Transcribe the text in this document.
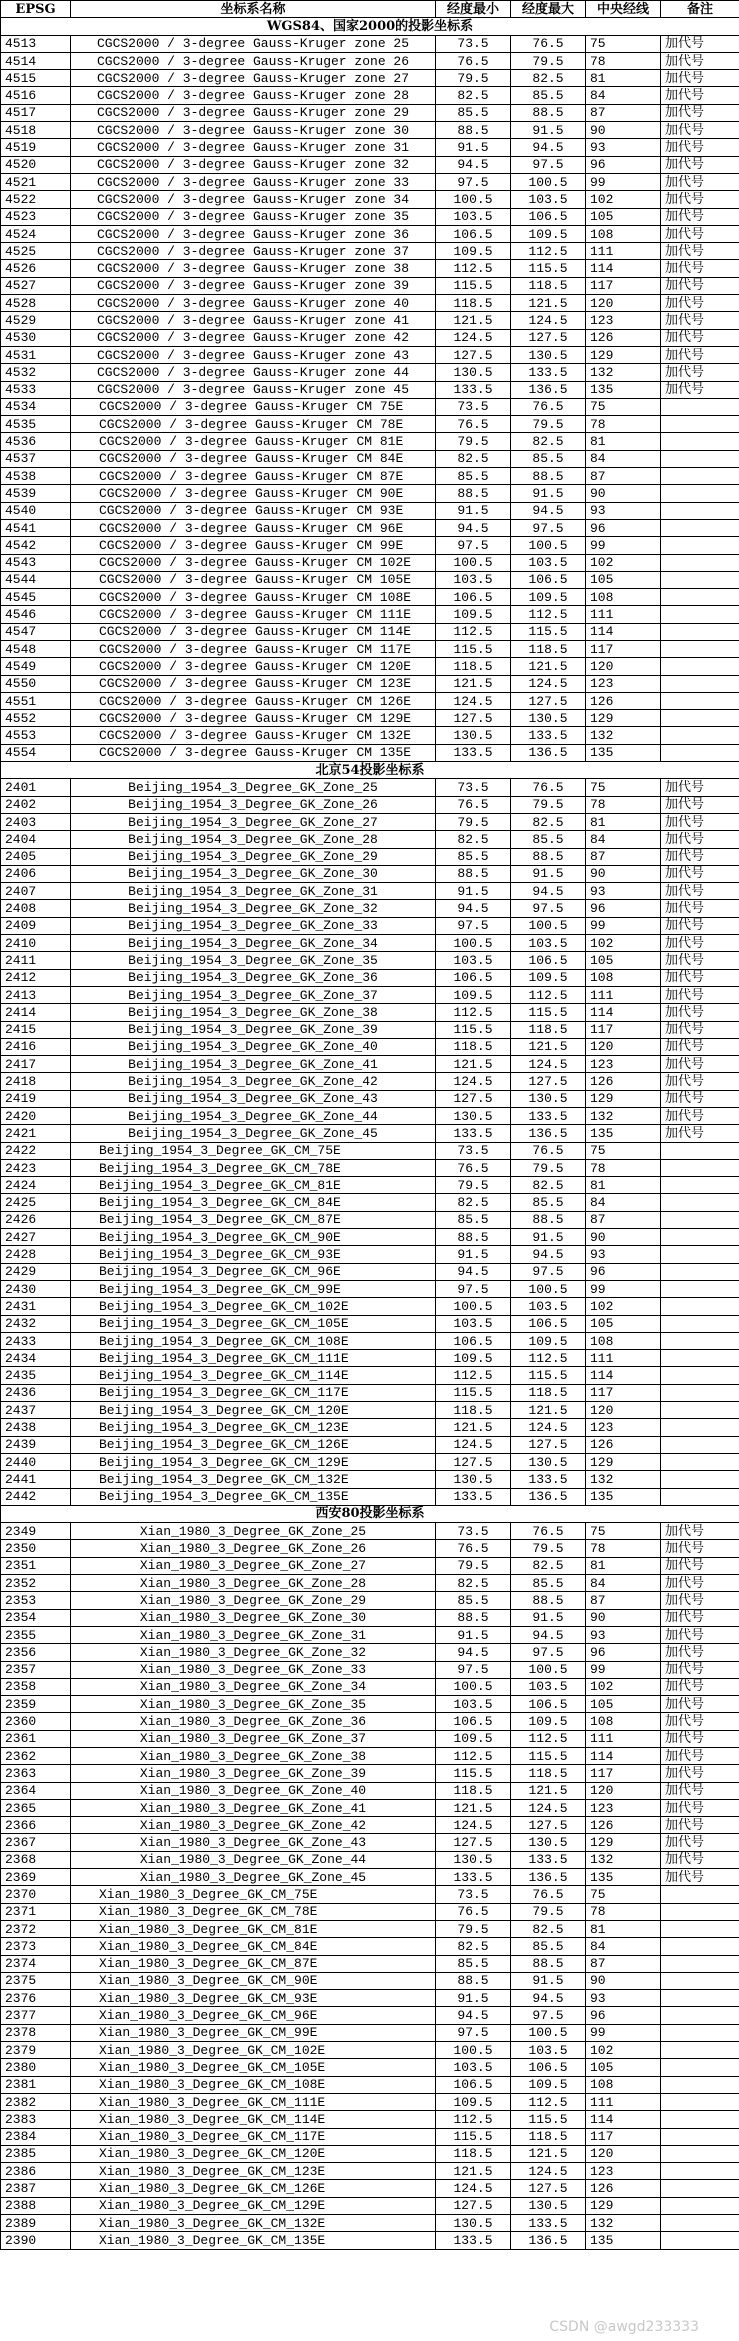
EPSG	坐标系名称	经度最小	经度最大	中央经线	备注
WGS84、国家2000的投影坐标系					
4513	CGCS2000 / 3-degree Gauss-Kruger zone 25	73.5	76.5	75	加代号
4514	CGCS2000 / 3-degree Gauss-Kruger zone 26	76.5	79.5	78	加代号
4515	CGCS2000 / 3-degree Gauss-Kruger zone 27	79.5	82.5	81	加代号
4516	CGCS2000 / 3-degree Gauss-Kruger zone 28	82.5	85.5	84	加代号
4517	CGCS2000 / 3-degree Gauss-Kruger zone 29	85.5	88.5	87	加代号
4518	CGCS2000 / 3-degree Gauss-Kruger zone 30	88.5	91.5	90	加代号
4519	CGCS2000 / 3-degree Gauss-Kruger zone 31	91.5	94.5	93	加代号
4520	CGCS2000 / 3-degree Gauss-Kruger zone 32	94.5	97.5	96	加代号
4521	CGCS2000 / 3-degree Gauss-Kruger zone 33	97.5	100.5	99	加代号
4522	CGCS2000 / 3-degree Gauss-Kruger zone 34	100.5	103.5	102	加代号
4523	CGCS2000 / 3-degree Gauss-Kruger zone 35	103.5	106.5	105	加代号
4524	CGCS2000 / 3-degree Gauss-Kruger zone 36	106.5	109.5	108	加代号
4525	CGCS2000 / 3-degree Gauss-Kruger zone 37	109.5	112.5	111	加代号
4526	CGCS2000 / 3-degree Gauss-Kruger zone 38	112.5	115.5	114	加代号
4527	CGCS2000 / 3-degree Gauss-Kruger zone 39	115.5	118.5	117	加代号
4528	CGCS2000 / 3-degree Gauss-Kruger zone 40	118.5	121.5	120	加代号
4529	CGCS2000 / 3-degree Gauss-Kruger zone 41	121.5	124.5	123	加代号
4530	CGCS2000 / 3-degree Gauss-Kruger zone 42	124.5	127.5	126	加代号
4531	CGCS2000 / 3-degree Gauss-Kruger zone 43	127.5	130.5	129	加代号
4532	CGCS2000 / 3-degree Gauss-Kruger zone 44	130.5	133.5	132	加代号
4533	CGCS2000 / 3-degree Gauss-Kruger zone 45	133.5	136.5	135	加代号
4534	CGCS2000 / 3-degree Gauss-Kruger CM 75E	73.5	76.5	75	
4535	CGCS2000 / 3-degree Gauss-Kruger CM 78E	76.5	79.5	78	
4536	CGCS2000 / 3-degree Gauss-Kruger CM 81E	79.5	82.5	81	
4537	CGCS2000 / 3-degree Gauss-Kruger CM 84E	82.5	85.5	84	
4538	CGCS2000 / 3-degree Gauss-Kruger CM 87E	85.5	88.5	87	
4539	CGCS2000 / 3-degree Gauss-Kruger CM 90E	88.5	91.5	90	
4540	CGCS2000 / 3-degree Gauss-Kruger CM 93E	91.5	94.5	93	
4541	CGCS2000 / 3-degree Gauss-Kruger CM 96E	94.5	97.5	96	
4542	CGCS2000 / 3-degree Gauss-Kruger CM 99E	97.5	100.5	99	
4543	CGCS2000 / 3-degree Gauss-Kruger CM 102E	100.5	103.5	102	
4544	CGCS2000 / 3-degree Gauss-Kruger CM 105E	103.5	106.5	105	
4545	CGCS2000 / 3-degree Gauss-Kruger CM 108E	106.5	109.5	108	
4546	CGCS2000 / 3-degree Gauss-Kruger CM 111E	109.5	112.5	111	
4547	CGCS2000 / 3-degree Gauss-Kruger CM 114E	112.5	115.5	114	
4548	CGCS2000 / 3-degree Gauss-Kruger CM 117E	115.5	118.5	117	
4549	CGCS2000 / 3-degree Gauss-Kruger CM 120E	118.5	121.5	120	
4550	CGCS2000 / 3-degree Gauss-Kruger CM 123E	121.5	124.5	123	
4551	CGCS2000 / 3-degree Gauss-Kruger CM 126E	124.5	127.5	126	
4552	CGCS2000 / 3-degree Gauss-Kruger CM 129E	127.5	130.5	129	
4553	CGCS2000 / 3-degree Gauss-Kruger CM 132E	130.5	133.5	132	
4554	CGCS2000 / 3-degree Gauss-Kruger CM 135E	133.5	136.5	135	
北京54投影坐标系					
2401	Beijing_1954_3_Degree_GK_Zone_25	73.5	76.5	75	加代号
2402	Beijing_1954_3_Degree_GK_Zone_26	76.5	79.5	78	加代号
2403	Beijing_1954_3_Degree_GK_Zone_27	79.5	82.5	81	加代号
2404	Beijing_1954_3_Degree_GK_Zone_28	82.5	85.5	84	加代号
2405	Beijing_1954_3_Degree_GK_Zone_29	85.5	88.5	87	加代号
2406	Beijing_1954_3_Degree_GK_Zone_30	88.5	91.5	90	加代号
2407	Beijing_1954_3_Degree_GK_Zone_31	91.5	94.5	93	加代号
2408	Beijing_1954_3_Degree_GK_Zone_32	94.5	97.5	96	加代号
2409	Beijing_1954_3_Degree_GK_Zone_33	97.5	100.5	99	加代号
2410	Beijing_1954_3_Degree_GK_Zone_34	100.5	103.5	102	加代号
2411	Beijing_1954_3_Degree_GK_Zone_35	103.5	106.5	105	加代号
2412	Beijing_1954_3_Degree_GK_Zone_36	106.5	109.5	108	加代号
2413	Beijing_1954_3_Degree_GK_Zone_37	109.5	112.5	111	加代号
2414	Beijing_1954_3_Degree_GK_Zone_38	112.5	115.5	114	加代号
2415	Beijing_1954_3_Degree_GK_Zone_39	115.5	118.5	117	加代号
2416	Beijing_1954_3_Degree_GK_Zone_40	118.5	121.5	120	加代号
2417	Beijing_1954_3_Degree_GK_Zone_41	121.5	124.5	123	加代号
2418	Beijing_1954_3_Degree_GK_Zone_42	124.5	127.5	126	加代号
2419	Beijing_1954_3_Degree_GK_Zone_43	127.5	130.5	129	加代号
2420	Beijing_1954_3_Degree_GK_Zone_44	130.5	133.5	132	加代号
2421	Beijing_1954_3_Degree_GK_Zone_45	133.5	136.5	135	加代号
2422	Beijing_1954_3_Degree_GK_CM_75E	73.5	76.5	75	
2423	Beijing_1954_3_Degree_GK_CM_78E	76.5	79.5	78	
2424	Beijing_1954_3_Degree_GK_CM_81E	79.5	82.5	81	
2425	Beijing_1954_3_Degree_GK_CM_84E	82.5	85.5	84	
2426	Beijing_1954_3_Degree_GK_CM_87E	85.5	88.5	87	
2427	Beijing_1954_3_Degree_GK_CM_90E	88.5	91.5	90	
2428	Beijing_1954_3_Degree_GK_CM_93E	91.5	94.5	93	
2429	Beijing_1954_3_Degree_GK_CM_96E	94.5	97.5	96	
2430	Beijing_1954_3_Degree_GK_CM_99E	97.5	100.5	99	
2431	Beijing_1954_3_Degree_GK_CM_102E	100.5	103.5	102	
2432	Beijing_1954_3_Degree_GK_CM_105E	103.5	106.5	105	
2433	Beijing_1954_3_Degree_GK_CM_108E	106.5	109.5	108	
2434	Beijing_1954_3_Degree_GK_CM_111E	109.5	112.5	111	
2435	Beijing_1954_3_Degree_GK_CM_114E	112.5	115.5	114	
2436	Beijing_1954_3_Degree_GK_CM_117E	115.5	118.5	117	
2437	Beijing_1954_3_Degree_GK_CM_120E	118.5	121.5	120	
2438	Beijing_1954_3_Degree_GK_CM_123E	121.5	124.5	123	
2439	Beijing_1954_3_Degree_GK_CM_126E	124.5	127.5	126	
2440	Beijing_1954_3_Degree_GK_CM_129E	127.5	130.5	129	
2441	Beijing_1954_3_Degree_GK_CM_132E	130.5	133.5	132	
2442	Beijing_1954_3_Degree_GK_CM_135E	133.5	136.5	135	
西安80投影坐标系					
2349	Xian_1980_3_Degree_GK_Zone_25	73.5	76.5	75	加代号
2350	Xian_1980_3_Degree_GK_Zone_26	76.5	79.5	78	加代号
2351	Xian_1980_3_Degree_GK_Zone_27	79.5	82.5	81	加代号
2352	Xian_1980_3_Degree_GK_Zone_28	82.5	85.5	84	加代号
2353	Xian_1980_3_Degree_GK_Zone_29	85.5	88.5	87	加代号
2354	Xian_1980_3_Degree_GK_Zone_30	88.5	91.5	90	加代号
2355	Xian_1980_3_Degree_GK_Zone_31	91.5	94.5	93	加代号
2356	Xian_1980_3_Degree_GK_Zone_32	94.5	97.5	96	加代号
2357	Xian_1980_3_Degree_GK_Zone_33	97.5	100.5	99	加代号
2358	Xian_1980_3_Degree_GK_Zone_34	100.5	103.5	102	加代号
2359	Xian_1980_3_Degree_GK_Zone_35	103.5	106.5	105	加代号
2360	Xian_1980_3_Degree_GK_Zone_36	106.5	109.5	108	加代号
2361	Xian_1980_3_Degree_GK_Zone_37	109.5	112.5	111	加代号
2362	Xian_1980_3_Degree_GK_Zone_38	112.5	115.5	114	加代号
2363	Xian_1980_3_Degree_GK_Zone_39	115.5	118.5	117	加代号
2364	Xian_1980_3_Degree_GK_Zone_40	118.5	121.5	120	加代号
2365	Xian_1980_3_Degree_GK_Zone_41	121.5	124.5	123	加代号
2366	Xian_1980_3_Degree_GK_Zone_42	124.5	127.5	126	加代号
2367	Xian_1980_3_Degree_GK_Zone_43	127.5	130.5	129	加代号
2368	Xian_1980_3_Degree_GK_Zone_44	130.5	133.5	132	加代号
2369	Xian_1980_3_Degree_GK_Zone_45	133.5	136.5	135	加代号
2370	Xian_1980_3_Degree_GK_CM_75E	73.5	76.5	75	
2371	Xian_1980_3_Degree_GK_CM_78E	76.5	79.5	78	
2372	Xian_1980_3_Degree_GK_CM_81E	79.5	82.5	81	
2373	Xian_1980_3_Degree_GK_CM_84E	82.5	85.5	84	
2374	Xian_1980_3_Degree_GK_CM_87E	85.5	88.5	87	
2375	Xian_1980_3_Degree_GK_CM_90E	88.5	91.5	90	
2376	Xian_1980_3_Degree_GK_CM_93E	91.5	94.5	93	
2377	Xian_1980_3_Degree_GK_CM_96E	94.5	97.5	96	
2378	Xian_1980_3_Degree_GK_CM_99E	97.5	100.5	99	
2379	Xian_1980_3_Degree_GK_CM_102E	100.5	103.5	102	
2380	Xian_1980_3_Degree_GK_CM_105E	103.5	106.5	105	
2381	Xian_1980_3_Degree_GK_CM_108E	106.5	109.5	108	
2382	Xian_1980_3_Degree_GK_CM_111E	109.5	112.5	111	
2383	Xian_1980_3_Degree_GK_CM_114E	112.5	115.5	114	
2384	Xian_1980_3_Degree_GK_CM_117E	115.5	118.5	117	
2385	Xian_1980_3_Degree_GK_CM_120E	118.5	121.5	120	
2386	Xian_1980_3_Degree_GK_CM_123E	121.5	124.5	123	
2387	Xian_1980_3_Degree_GK_CM_126E	124.5	127.5	126	
2388	Xian_1980_3_Degree_GK_CM_129E	127.5	130.5	129	
2389	Xian_1980_3_Degree_GK_CM_132E	130.5	133.5	132	
2390	Xian_1980_3_Degree_GK_CM_135E	133.5	136.5	135	
CSDN @awgd233333
